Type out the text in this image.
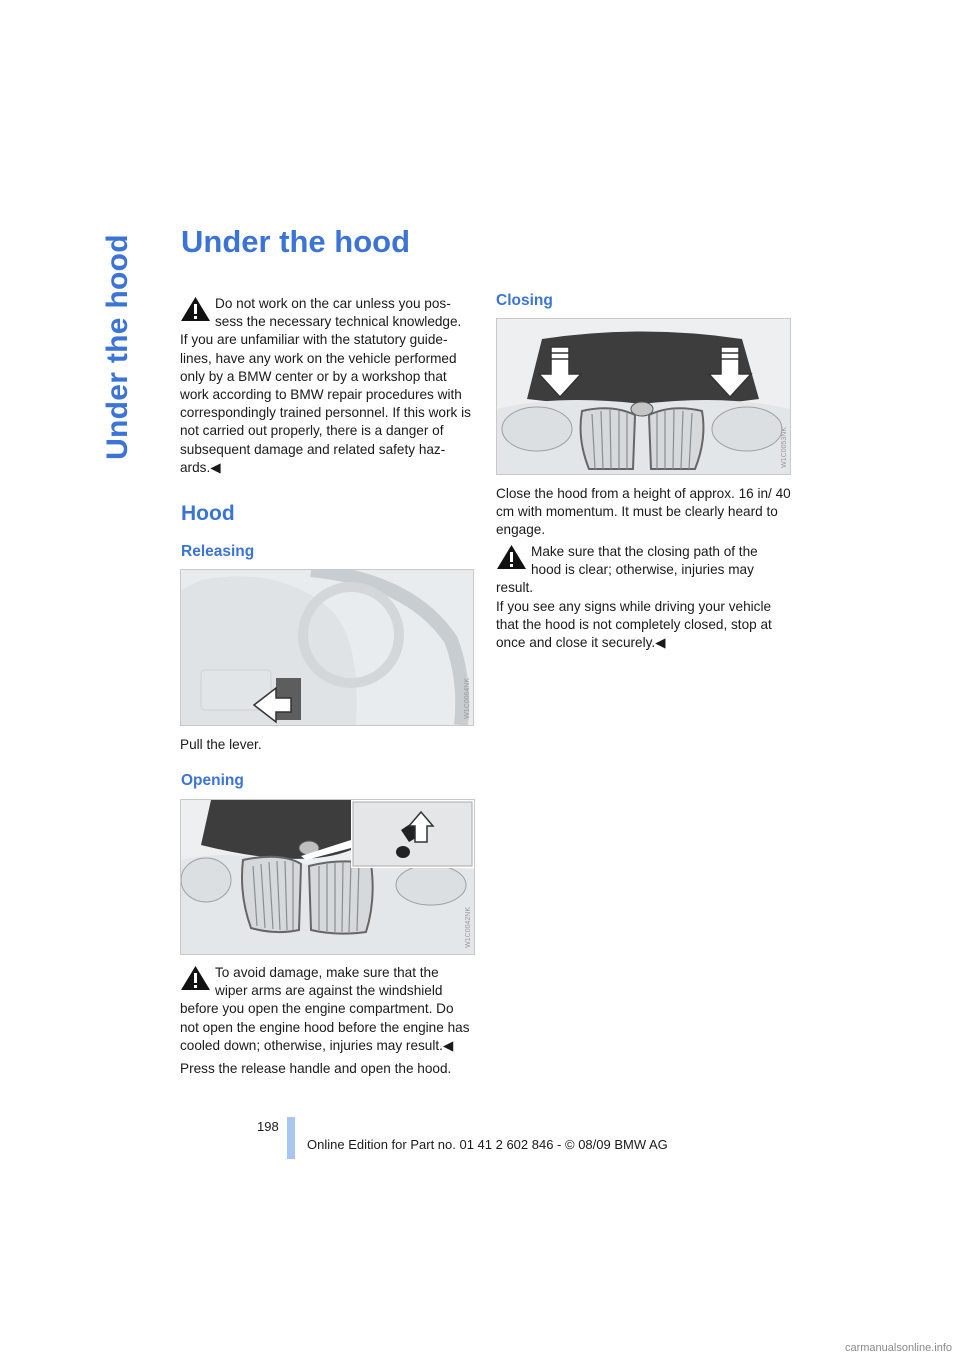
Under the hood Under the hood

Do not work on the car unless you pos-
sess the necessary technical knowledge.
If you are unfamiliar with the statutory guide-lines, have any work on the vehicle performed only by a BMW center or by a workshop that work according to BMW repair procedures with correspondingly trained personnel. If this work is not carried out properly, there is a danger of subsequent damage and related safety haz-ards.◀

Hood
Releasing
W1C0064NK

Pull the lever.

Opening
W1C0042NK

To avoid damage, make sure that the
wiper arms are against the windshield
before you open the engine compartment. Do not open the engine hood before the engine has cooled down; otherwise, injuries may result.◀

Press the release handle and open the hood.

Closing
W1C0053NK

Close the hood from a height of approx. 16 in/ 40 cm with momentum. It must be clearly heard to engage.

Make sure that the closing path of the
hood is clear; otherwise, injuries may
result.
If you see any signs while driving your vehicle that the hood is not completely closed, stop at once and close it securely.◀

198
Online Edition for Part no. 01 41 2 602 846 - © 08/09 BMW AG
carmanualsonline.info
